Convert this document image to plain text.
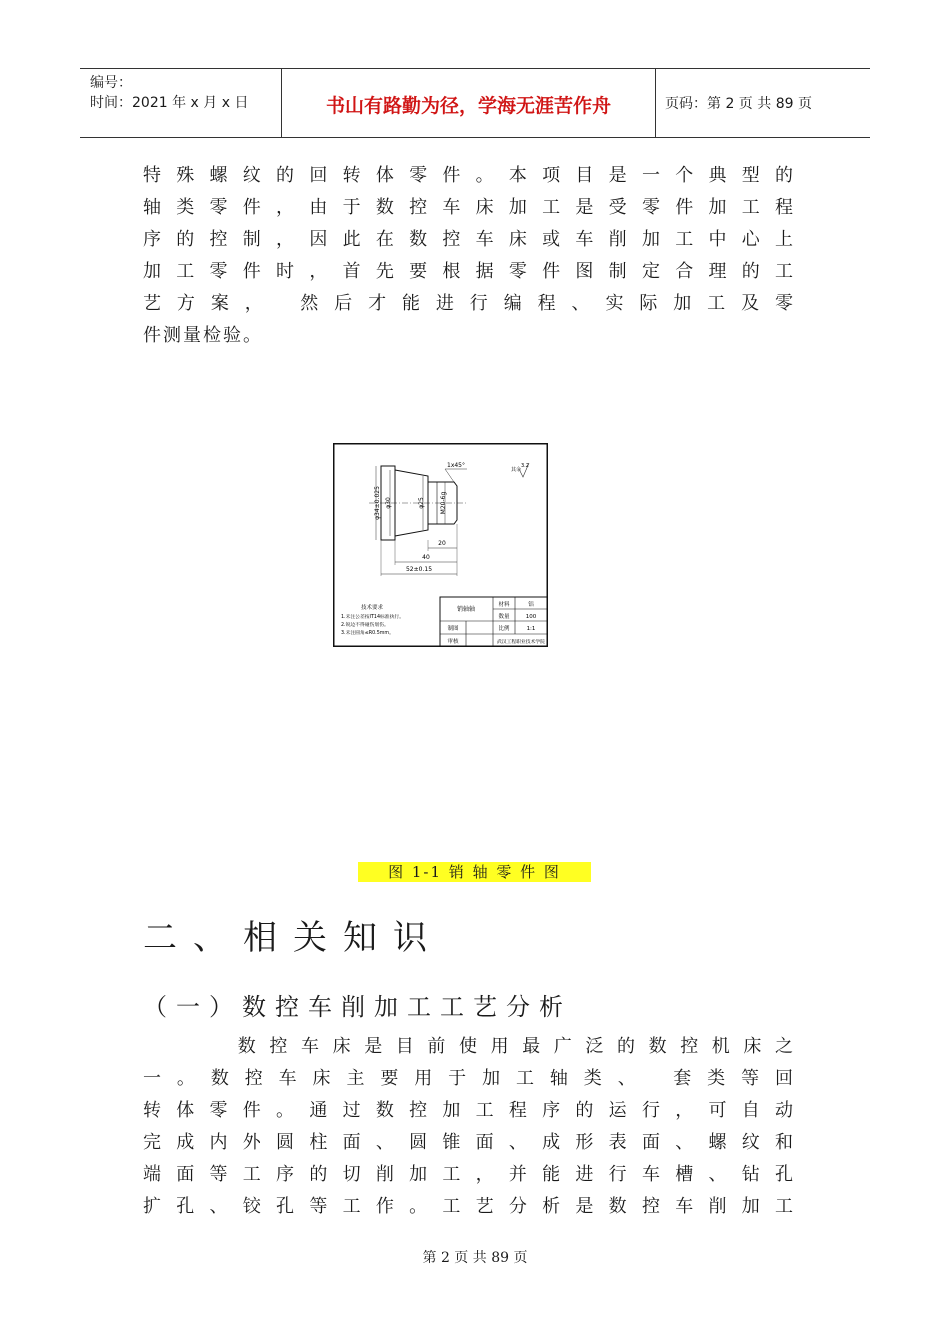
编号：
时间：2021 年 x 月 x 日	书山有路勤为径，学海无涯苦作舟	页码：第 2 页 共 89 页
特殊螺纹的回转体零件。本项目是一个典型的
轴类零件，由于数控车床加工是受零件加工程
序的控制，因此在数控车床或车削加工中心上
加工零件时，首先要根据零件图制定合理的工
艺方案， 然后才能进行编程、实际加工及零
件测量检验。
φ34±0.025 φ30	φ25	M20-6g
1x45°
其余
3.2
20
40
52±0.15
技术要求
1.未注公差按IT14标准执行。
2.锐边不得碰伤划伤。
3.未注圆角≤R0.5mm。
销轴轴
材料	铝
数量	100
制图	比例	1:1
审核	武汉工程职业技术学院
图 1-1 销 轴 零 件 图
二、相关知识
（一）数控车削加工工艺分析
　　　数控车床是目前使用最广泛的数控机床之
一。数控车床主要用于加工轴类、 套类等回
转体零件。通过数控加工程序的运行，可自动
完成内外圆柱面、圆锥面、成形表面、螺纹和
端面等工序的切削加工，并能进行车槽、钻孔
扩孔、铰孔等工作。工艺分析是数控车削加工
第 2 页 共 89 页
